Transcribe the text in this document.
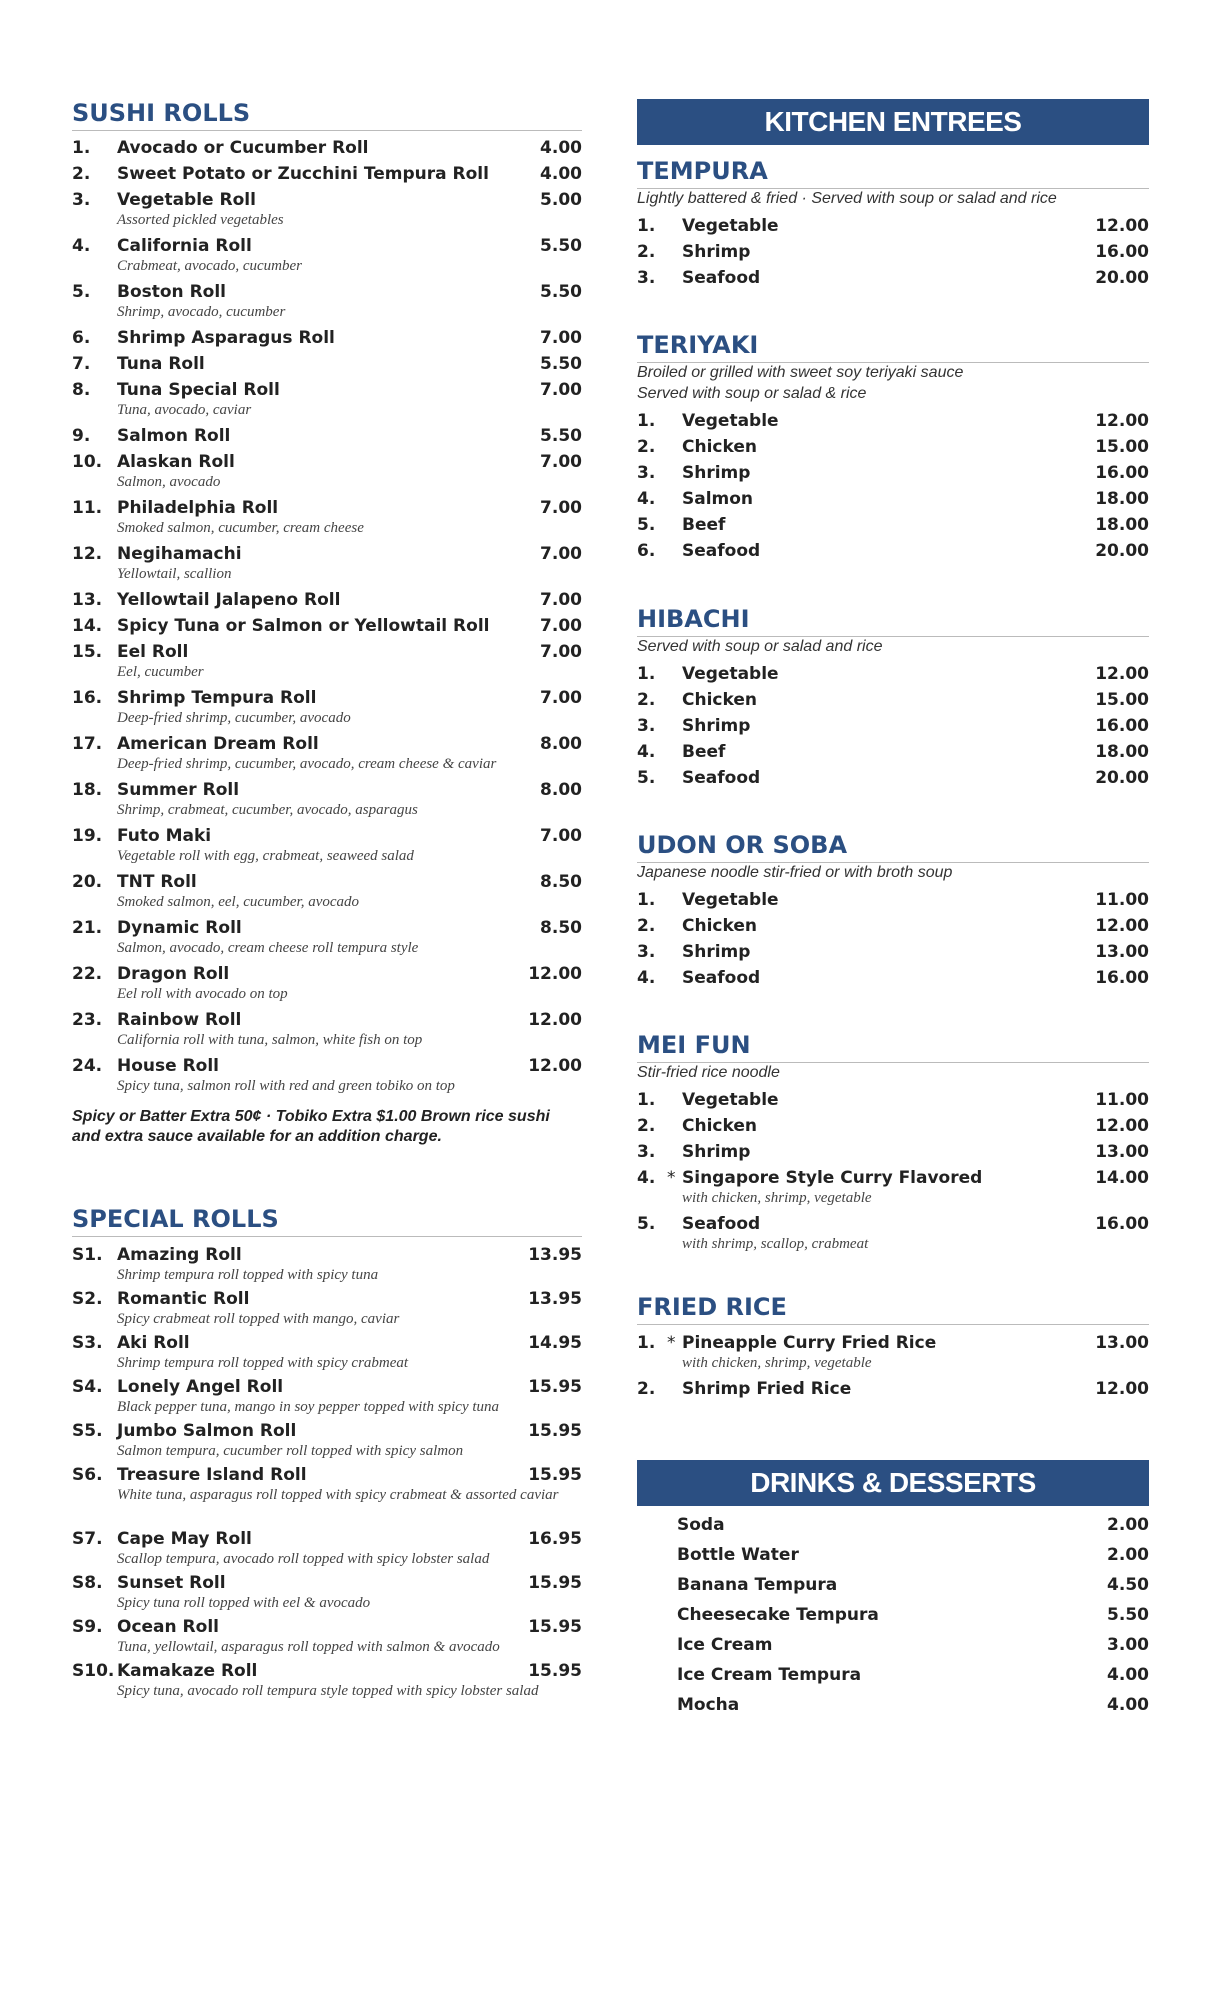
SUSHI ROLLS
1. Avocado or Cucumber Roll	4.00
2. Sweet Potato or Zucchini Tempura Roll	4.00
3. Vegetable Roll	5.00
Assorted pickled vegetables
4. California Roll	5.50
Crabmeat, avocado, cucumber
5. Boston Roll	5.50
Shrimp, avocado, cucumber
6. Shrimp Asparagus Roll	7.00
7. Tuna Roll	5.50
8. Tuna Special Roll	7.00
Tuna, avocado, caviar
9. Salmon Roll	5.50
10. Alaskan Roll	7.00
Salmon, avocado
11. Philadelphia Roll	7.00
Smoked salmon, cucumber, cream cheese
12. Negihamachi	7.00
Yellowtail, scallion
13. Yellowtail Jalapeno Roll	7.00
14. Spicy Tuna or Salmon or Yellowtail Roll	7.00
15. Eel Roll	7.00
Eel, cucumber
16. Shrimp Tempura Roll	7.00
Deep-fried shrimp, cucumber, avocado
17. American Dream Roll	8.00
Deep-fried shrimp, cucumber, avocado, cream cheese & caviar
18. Summer Roll	8.00
Shrimp, crabmeat, cucumber, avocado, asparagus
19. Futo Maki	7.00
Vegetable roll with egg, crabmeat, seaweed salad
20. TNT Roll	8.50
Smoked salmon, eel, cucumber, avocado
21. Dynamic Roll	8.50
Salmon, avocado, cream cheese roll tempura style
22. Dragon Roll	12.00
Eel roll with avocado on top
23. Rainbow Roll	12.00
California roll with tuna, salmon, white fish on top
24. House Roll	12.00
Spicy tuna, salmon roll with red and green tobiko on top
Spicy or Batter Extra 50¢ · Tobiko Extra $1.00 Brown rice sushi and extra sauce available for an addition charge.
SPECIAL ROLLS
S1. Amazing Roll	13.95
Shrimp tempura roll topped with spicy tuna
S2. Romantic Roll	13.95
Spicy crabmeat roll topped with mango, caviar
S3. Aki Roll	14.95
Shrimp tempura roll topped with spicy crabmeat
S4. Lonely Angel Roll	15.95
Black pepper tuna, mango in soy pepper topped with spicy tuna
S5. Jumbo Salmon Roll	15.95
Salmon tempura, cucumber roll topped with spicy salmon
S6. Treasure Island Roll	15.95
White tuna, asparagus roll topped with spicy crabmeat & assorted caviar
S7. Cape May Roll	16.95
Scallop tempura, avocado roll topped with spicy lobster salad
S8. Sunset Roll	15.95
Spicy tuna roll topped with eel & avocado
S9. Ocean Roll	15.95
Tuna, yellowtail, asparagus roll topped with salmon & avocado
S10. Kamakaze Roll	15.95
Spicy tuna, avocado roll tempura style topped with spicy lobster salad
KITCHEN ENTREES
TEMPURA
Lightly battered & fried · Served with soup or salad and rice
1. Vegetable	12.00
2. Shrimp	16.00
3. Seafood	20.00
TERIYAKI
Broiled or grilled with sweet soy teriyaki sauce
Served with soup or salad & rice
1. Vegetable	12.00
2. Chicken	15.00
3. Shrimp	16.00
4. Salmon	18.00
5. Beef	18.00
6. Seafood	20.00
HIBACHI
Served with soup or salad and rice
1. Vegetable	12.00
2. Chicken	15.00
3. Shrimp	16.00
4. Beef	18.00
5. Seafood	20.00
UDON OR SOBA
Japanese noodle stir-fried or with broth soup
1. Vegetable	11.00
2. Chicken	12.00
3. Shrimp	13.00
4. Seafood	16.00
MEI FUN
Stir-fried rice noodle
1. Vegetable	11.00
2. Chicken	12.00
3. Shrimp	13.00
4. * Singapore Style Curry Flavored	14.00
with chicken, shrimp, vegetable
5. Seafood	16.00
with shrimp, scallop, crabmeat
FRIED RICE
1. * Pineapple Curry Fried Rice	13.00
with chicken, shrimp, vegetable
2. Shrimp Fried Rice	12.00
DRINKS & DESSERTS
Soda	2.00
Bottle Water	2.00
Banana Tempura	4.50
Cheesecake Tempura	5.50
Ice Cream	3.00
Ice Cream Tempura	4.00
Mocha	4.00
